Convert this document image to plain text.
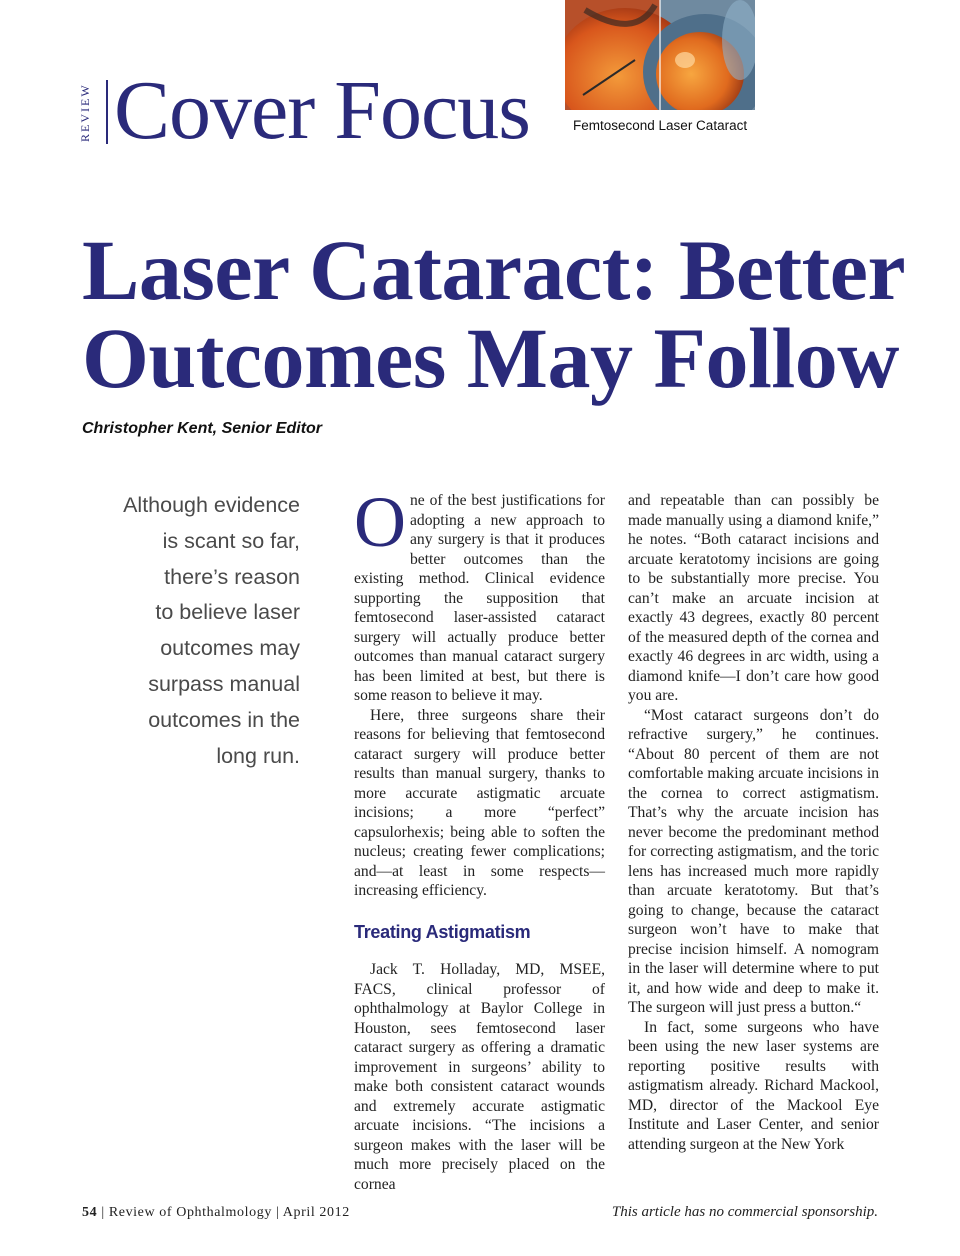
REVIEW Cover Focus	Femtosecond Laser Cataract
Laser Cataract: Better Outcomes May Follow
Christopher Kent, Senior Editor
Although evidence
is scant so far,
there’s reason
to believe laser
outcomes may
surpass manual
outcomes in the
long run.

One of the best justifications for adopting a new approach to any surgery is that it produces better outcomes than the existing method. Clinical evidence supporting the supposition that femtosecond laser-assisted cataract surgery will actually produce better outcomes than manual cataract surgery has been limited at best, but there is some reason to believe it may.

Here, three surgeons share their reasons for believing that femtosecond cataract surgery will produce better results than manual surgery, thanks to more accurate astigmatic arcuate incisions; a more “perfect” capsulorhexis; being able to soften the nucleus; creating fewer complications; and—at least in some respects—increasing efficiency.

Treating Astigmatism

Jack T. Holladay, MD, MSEE, FACS, clinical professor of ophthalmology at Baylor College in Houston, sees femtosecond laser cataract surgery as offering a dramatic improvement in surgeons’ ability to make both consistent cataract wounds and extremely accurate astigmatic arcuate incisions. “The incisions a surgeon makes with the laser will be much more precisely placed on the cornea

and repeatable than can possibly be made manually using a diamond knife,” he notes. “Both cataract incisions and arcuate keratotomy incisions are going to be substantially more precise. You can’t make an arcuate incision at exactly 43 degrees, exactly 80 percent of the measured depth of the cornea and exactly 46 degrees in arc width, using a diamond knife—I don’t care how good you are.

“Most cataract surgeons don’t do refractive surgery,” he continues. “About 80 percent of them are not comfortable making arcuate incisions in the cornea to correct astigmatism. That’s why the arcuate incision has never become the predominant method for correcting astigmatism, and the toric lens has increased much more rapidly than arcuate keratotomy. But that’s going to change, because the cataract surgeon won’t have to make that precise incision himself. A nomogram in the laser will determine where to put it, and how wide and deep to make it. The surgeon will just press a button.“

In fact, some surgeons who have been using the new laser systems are reporting positive results with astigmatism already. Richard Mackool, MD, director of the Mackool Eye Institute and Laser Center, and senior attending surgeon at the New York

54 | Review of Ophthalmology | April 2012	This article has no commercial sponsorship.
